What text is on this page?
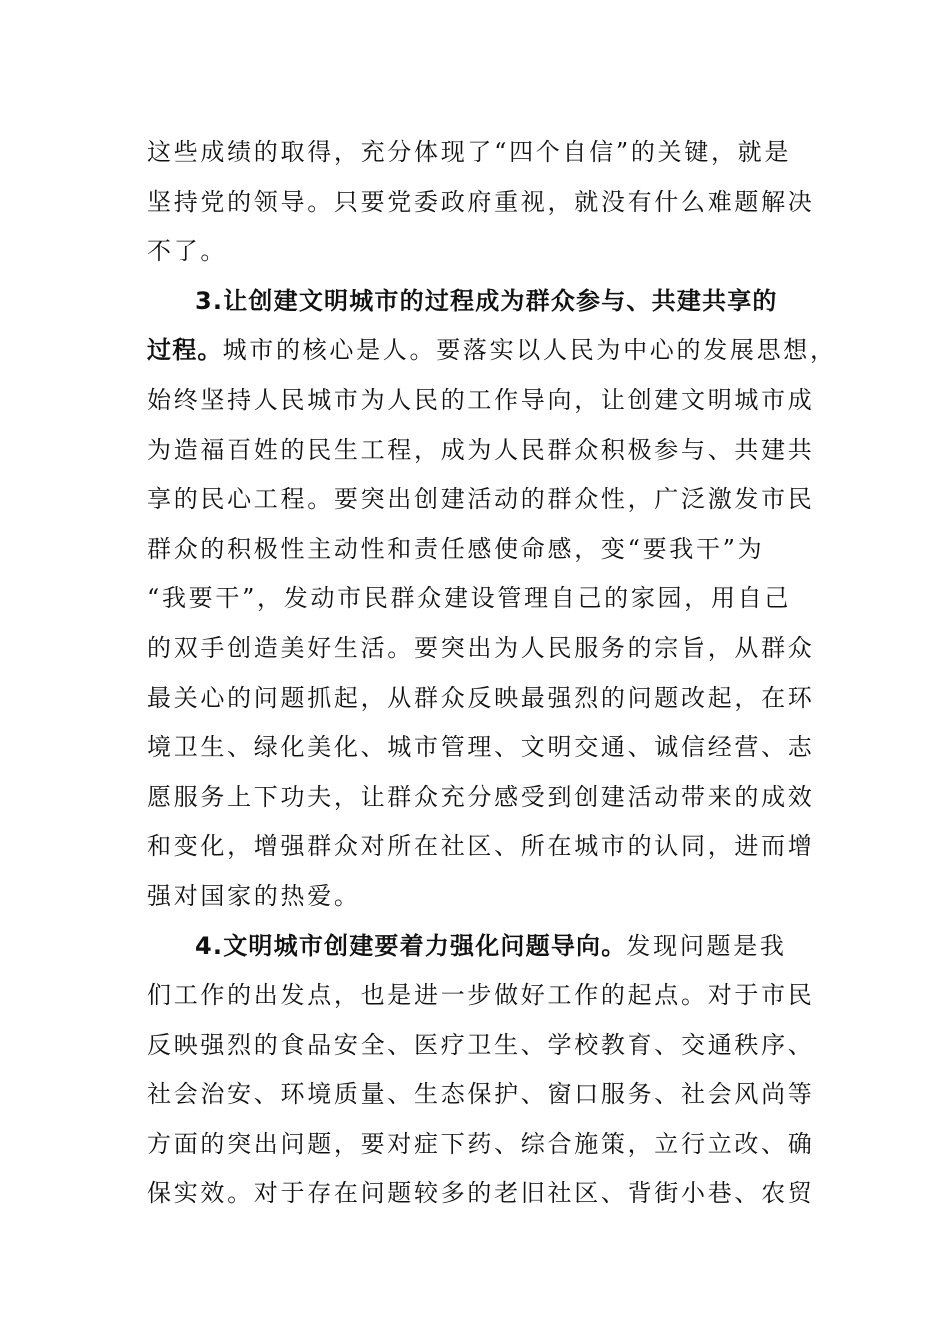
这些成绩的取得，充分体现了“四个自信”的关键，就是
坚持党的领导。只要党委政府重视，就没有什么难题解决
不了。
3.让创建文明城市的过程成为群众参与、共建共享的
过程。城市的核心是人。要落实以人民为中心的发展思想，
始终坚持人民城市为人民的工作导向，让创建文明城市成
为造福百姓的民生工程，成为人民群众积极参与、共建共
享的民心工程。要突出创建活动的群众性，广泛激发市民
群众的积极性主动性和责任感使命感，变“要我干”为
“我要干”，发动市民群众建设管理自己的家园，用自己
的双手创造美好生活。要突出为人民服务的宗旨，从群众
最关心的问题抓起，从群众反映最强烈的问题改起，在环
境卫生、绿化美化、城市管理、文明交通、诚信经营、志
愿服务上下功夫，让群众充分感受到创建活动带来的成效
和变化，增强群众对所在社区、所在城市的认同，进而增
强对国家的热爱。
4.文明城市创建要着力强化问题导向。发现问题是我
们工作的出发点，也是进一步做好工作的起点。对于市民
反映强烈的食品安全、医疗卫生、学校教育、交通秩序、
社会治安、环境质量、生态保护、窗口服务、社会风尚等
方面的突出问题，要对症下药、综合施策，立行立改、确
保实效。对于存在问题较多的老旧社区、背街小巷、农贸
